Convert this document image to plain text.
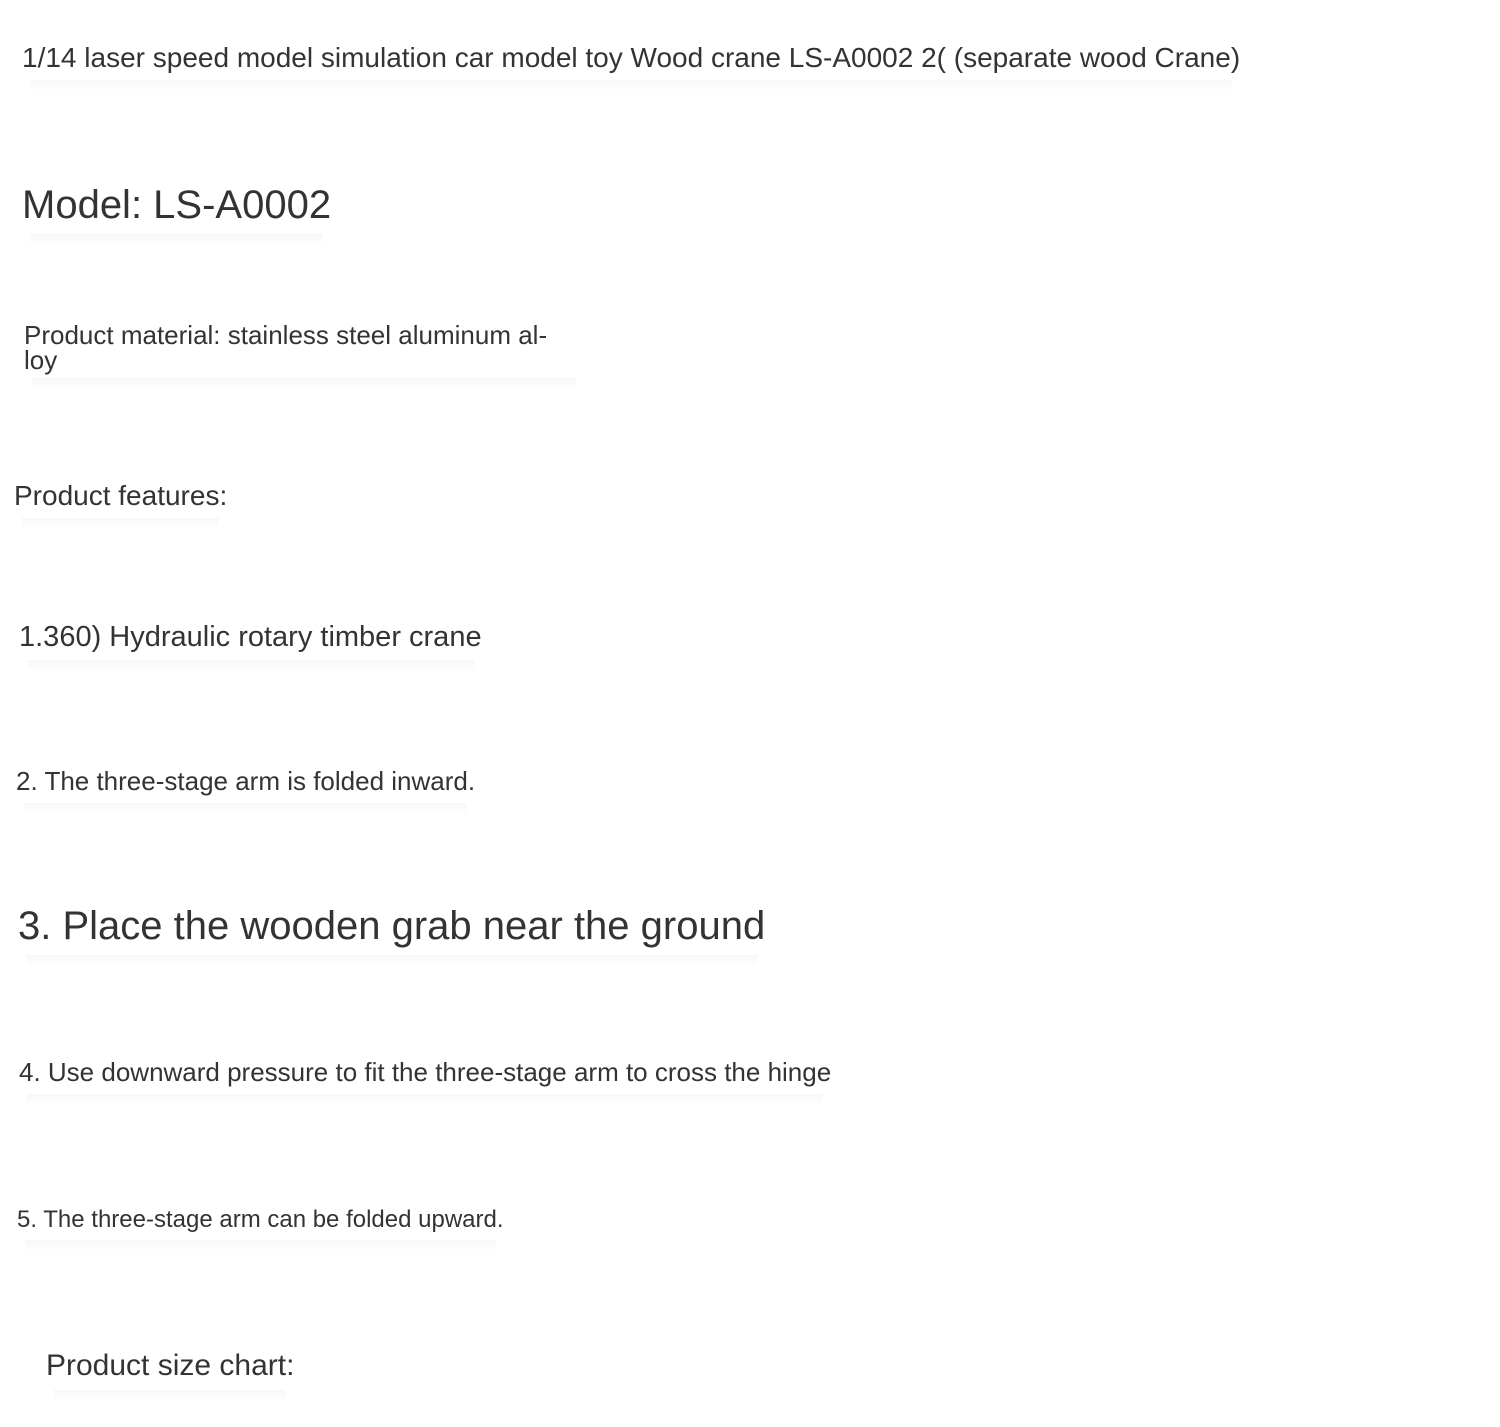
1/14 laser speed model simulation car model toy Wood crane LS-A0002 2( (separate wood Crane)

Model: LS-A0002

Product material: stainless steel aluminum al- loy

Product features:

1.360) Hydraulic rotary timber crane

2. The three-stage arm is folded inward.

3. Place the wooden grab near the ground

4. Use downward pressure to fit the three-stage arm to cross the hinge

5. The three-stage arm can be folded upward.

Product size chart:
